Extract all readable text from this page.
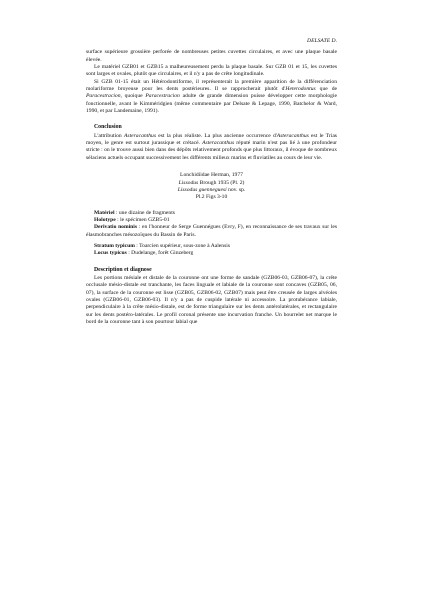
DELSATE D.

surface supérieure grossière perforée de nombreuses petites cuvettes circulaires, et avec une plaque basale élevée.

Le matériel GZB01 et GZB15 a malheureusement perdu la plaque basale. Sur GZB 01 et 15, les cuvettes sont larges et ovales, plutôt que circulaires, et il n'y a pas de crête longitudinale.

Si GZB 01-15 était un Hétérodontiforme, il représenterait la première apparition de la différenciation molariforme broyeuse pour les dents postérieures. Il se rapprocherait plutôt d'Heterodontus que de Paracestracion, quoique Paracestracion adulte de grande dimension puisse développer cette morphologie fonctionnelle, avant le Kimméridgien (même commentaire par Delsate & Lepage, 1990, Batchelor & Ward, 1990, et par Landemaine, 1991).

Conclusion

L'attribution Asteracanthus est la plus réaliste. La plus ancienne occurrence d'Asteracanthus est le Trias moyen, le genre est surtout jurassique et crétacé. Asteracanthus réputé marin n'est pas lié à une profondeur stricte : on le trouve aussi bien dans des dépôts relativement profonds que plus littoraux, il évoque de nombreux sélaciens actuels occupant successivement les différents milieux marins et fluviatiles au cours de leur vie.

Lonchidiidae Herman, 1977
Lissodus Brough 1935 (Pl. 2)
Lissodus guenneguesi nov. sp.
Pl.2 Figs 3-10

Matériel : une dizaine de fragments

Holotype : le spécimen GZB5-01

Derivatio nominis : en l'honneur de Serge Guennégues (Evry, F), en reconnaissance de ses travaux sur les élasmobranches mésozoïques du Bassin de Paris.

Stratum typicum : Toarcien supérieur, sous-zone à Aalensis

Locus typicus : Dudelange, forêt Ginzeberg

Description et diagnose

Les portions mésiale et distale de la couronne ont une forme de sandale (GZB06-03, GZB06-07), la crête occlusale mésio-distale est tranchante, les faces linguale et labiale de la couronne sont concaves (GZB05, 06, 07), la surface de la couronne est lisse (GZB05, GZB06-02, GZB07) mais peut être creusée de larges alvéoles ovales (GZB06-01, GZB06-03). Il n'y a pas de cuspide latérale ni accessoire. La protubérance labiale, perpendiculaire à la crête mésio-distale, est de forme triangulaire sur les dents antérolatérales, et rectangulaire sur les dents postéro-latérales. Le profil coronal présente une incurvation franche. Un bourrelet net marque le bord de la couronne tant à son pourtour labial que
